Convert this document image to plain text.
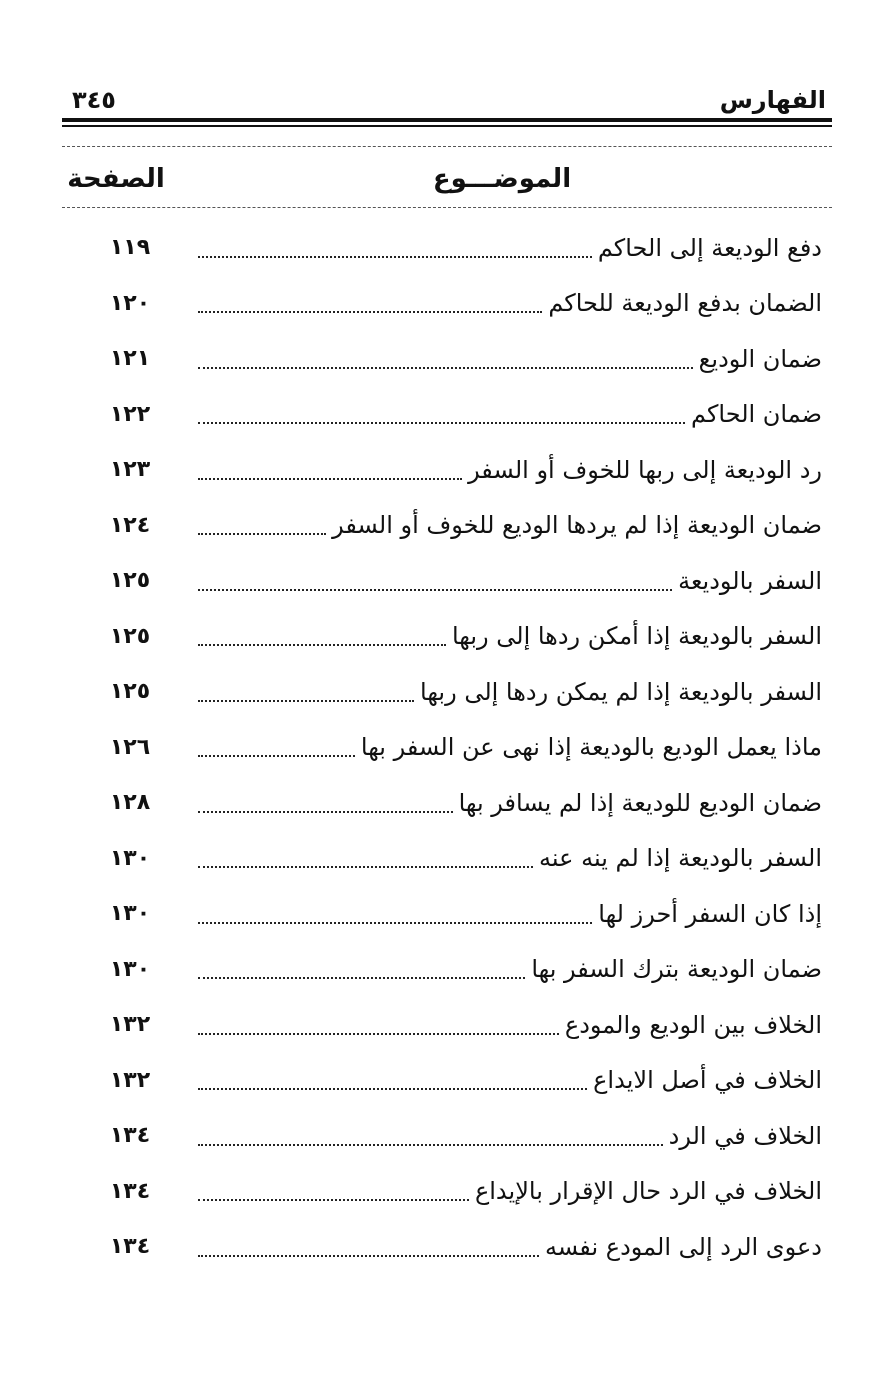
الفهارس
٣٤٥
الموضـــوع
الصفحة
دفع الوديعة إلى الحاكم
١١٩
الضمان بدفع الوديعة للحاكم
١٢٠
ضمان الوديع
١٢١
ضمان الحاكم
١٢٢
رد الوديعة إلى ربها للخوف أو السفر
١٢٣
ضمان الوديعة إذا لم يردها الوديع للخوف أو السفر
١٢٤
السفر بالوديعة
١٢٥
السفر بالوديعة إذا أمكن ردها إلى ربها
١٢٥
السفر بالوديعة إذا لم يمكن ردها إلى ربها
١٢٥
ماذا يعمل الوديع بالوديعة إذا نهى عن السفر بها
١٢٦
ضمان الوديع للوديعة إذا لم يسافر بها
١٢٨
السفر بالوديعة إذا لم ينه عنه
١٣٠
إذا كان السفر أحرز لها
١٣٠
ضمان الوديعة بترك السفر بها
١٣٠
الخلاف بين الوديع والمودع
١٣٢
الخلاف في أصل الايداع
١٣٢
الخلاف في الرد
١٣٤
الخلاف في الرد حال الإقرار بالإيداع
١٣٤
دعوى الرد إلى المودع نفسه
١٣٤
